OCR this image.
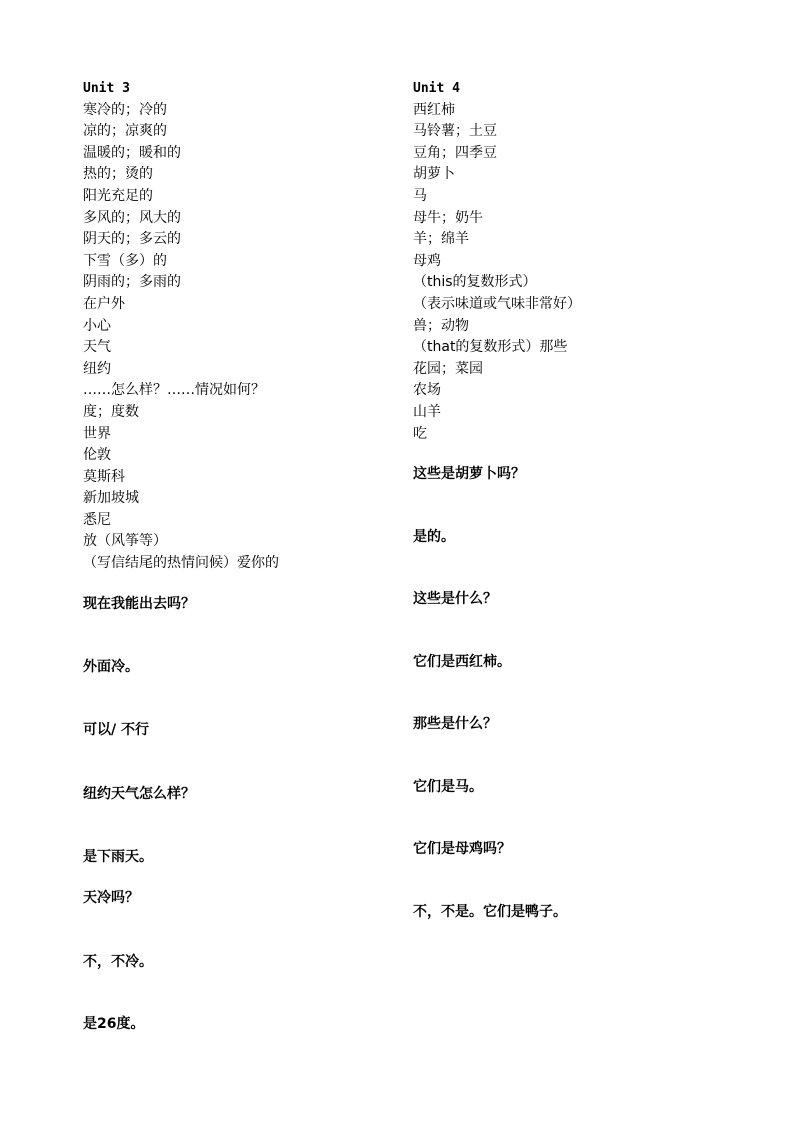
Unit 3
寒冷的；冷的
凉的；凉爽的
温暖的；暖和的
热的；烫的
阳光充足的
多风的；风大的
阴天的；多云的
下雪（多）的
阴雨的；多雨的
在户外
小心
天气
纽约
……怎么样？……情况如何？
度；度数
世界
伦敦
莫斯科
新加坡城
悉尼
放（风筝等）
（写信结尾的热情问候）爱你的
现在我能出去吗？
外面冷。
可以/ 不行
纽约天气怎么样？
是下雨天。
天冷吗？
不，不冷。
是26度。
Unit 4
西红柿
马铃薯；土豆
豆角；四季豆
胡萝卜
马
母牛；奶牛
羊；绵羊
母鸡
（this的复数形式）
（表示味道或气味非常好）
兽；动物
（that的复数形式）那些
花园；菜园
农场
山羊
吃
这些是胡萝卜吗？
是的。
这些是什么？
它们是西红柿。
那些是什么？
它们是马。
它们是母鸡吗？
不，不是。它们是鸭子。
